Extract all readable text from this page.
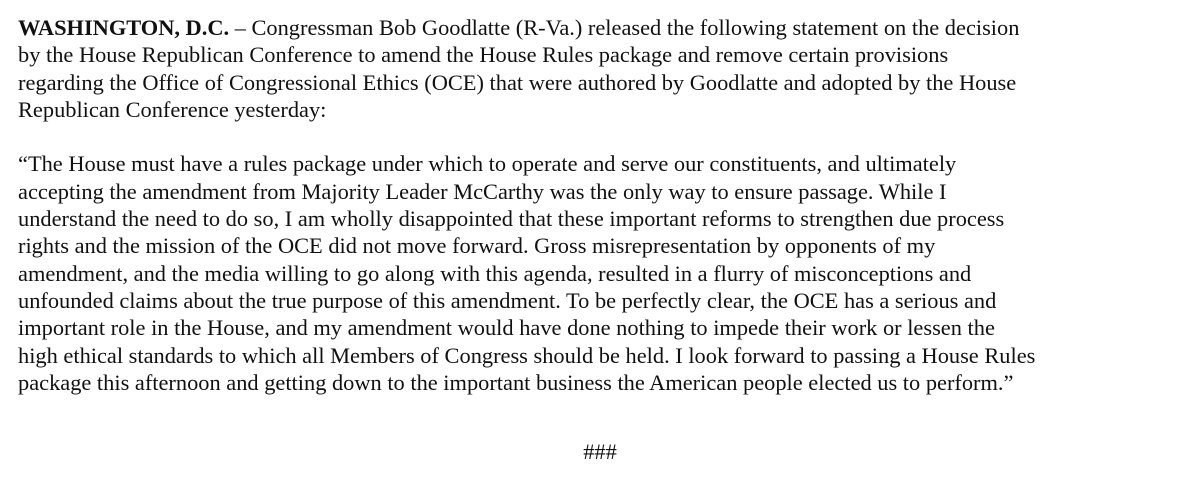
WASHINGTON, D.C. – Congressman Bob Goodlatte (R-Va.) released the following statement on the decision
by the House Republican Conference to amend the House Rules package and remove certain provisions
regarding the Office of Congressional Ethics (OCE) that were authored by Goodlatte and adopted by the House
Republican Conference yesterday:

“The House must have a rules package under which to operate and serve our constituents, and ultimately
accepting the amendment from Majority Leader McCarthy was the only way to ensure passage. While I
understand the need to do so, I am wholly disappointed that these important reforms to strengthen due process
rights and the mission of the OCE did not move forward. Gross misrepresentation by opponents of my
amendment, and the media willing to go along with this agenda, resulted in a flurry of misconceptions and
unfounded claims about the true purpose of this amendment. To be perfectly clear, the OCE has a serious and
important role in the House, and my amendment would have done nothing to impede their work or lessen the
high ethical standards to which all Members of Congress should be held. I look forward to passing a House Rules
package this afternoon and getting down to the important business the American people elected us to perform.”

###
